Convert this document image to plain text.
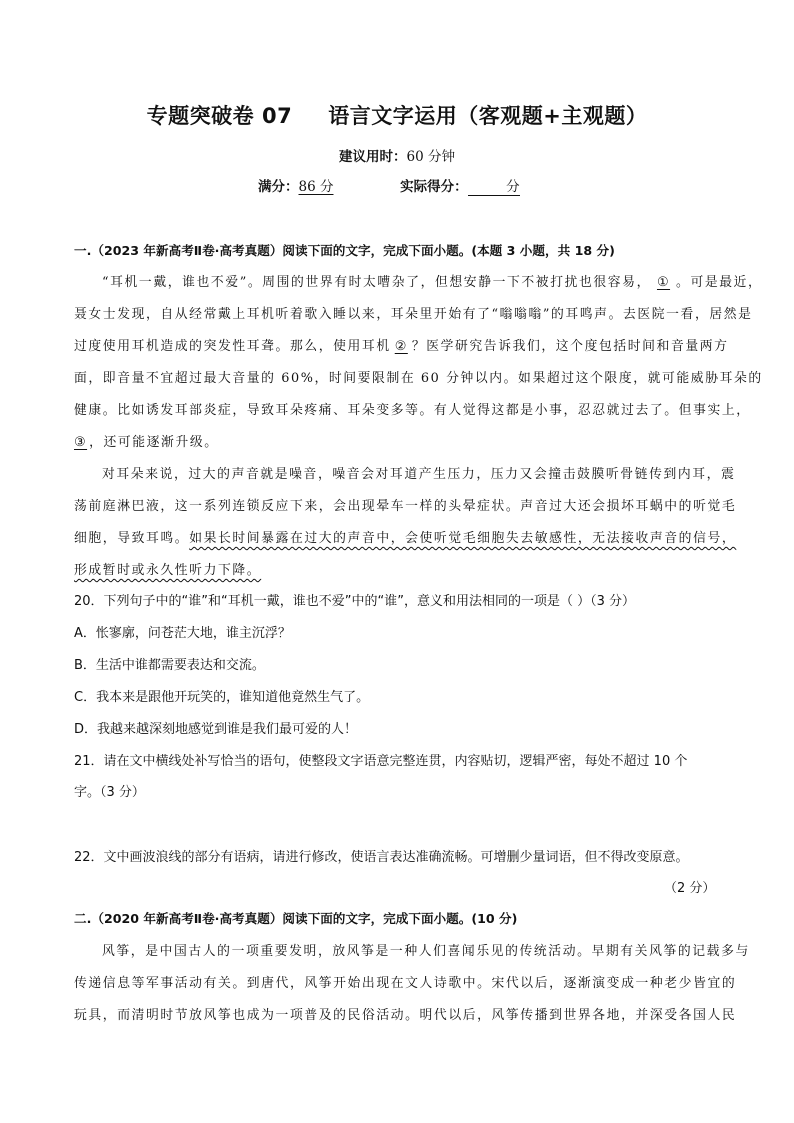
专题突破卷 07 语言文字运用（客观题+主观题）
建议用时：60 分钟
满分：86 分	实际得分：	分
一.（2023 年新高考Ⅱ卷·高考真题）阅读下面的文字，完成下面小题。(本题 3 小题，共 18 分)
“耳机一戴，谁也不爱”。周围的世界有时太嘈杂了，但想安静一下不被打扰也很容易， ① 。可是最近，
聂女士发现，自从经常戴上耳机听着歌入睡以来，耳朵里开始有了“嗡嗡嗡”的耳鸣声。去医院一看，居然是
过度使用耳机造成的突发性耳聋。那么，使用耳机 ② ？医学研究告诉我们，这个度包括时间和音量两方
面，即音量不宜超过最大音量的 60%，时间要限制在 60 分钟以内。如果超过这个限度，就可能威胁耳朵的
健康。比如诱发耳部炎症，导致耳朵疼痛、耳朵变多等。有人觉得这都是小事，忍忍就过去了。但事实上，
③ ，还可能逐渐升级。
对耳朵来说，过大的声音就是噪音，噪音会对耳道产生压力，压力又会撞击鼓膜听骨链传到内耳，震
荡前庭淋巴液，这一系列连锁反应下来，会出现晕车一样的头晕症状。声音过大还会损坏耳蜗中的听觉毛
细胞，导致耳鸣。如果长时间暴露在过大的声音中，会使听觉毛细胞失去敏感性，无法接收声音的信号，
形成暂时或永久性听力下降。
20．下列句子中的“谁”和“耳机一戴，谁也不爱”中的“谁”，意义和用法相同的一项是（ ）（3 分）
A．怅寥廓，问苍茫大地，谁主沉浮？
B．生活中谁都需要表达和交流。
C．我本来是跟他开玩笑的，谁知道他竟然生气了。
D．我越来越深刻地感觉到谁是我们最可爱的人！
21．请在文中横线处补写恰当的语句，使整段文字语意完整连贯，内容贴切，逻辑严密，每处不超过 10 个
字。（3 分）
22．文中画波浪线的部分有语病，请进行修改，使语言表达准确流畅。可增删少量词语，但不得改变原意。
（2 分）
二.（2020 年新高考Ⅱ卷·高考真题）阅读下面的文字，完成下面小题。(10 分)
风筝，是中国古人的一项重要发明，放风筝是一种人们喜闻乐见的传统活动。早期有关风筝的记载多与
传递信息等军事活动有关。到唐代，风筝开始出现在文人诗歌中。宋代以后，逐渐演变成一种老少皆宜的
玩具，而清明时节放风筝也成为一项普及的民俗活动。明代以后，风筝传播到世界各地，并深受各国人民
